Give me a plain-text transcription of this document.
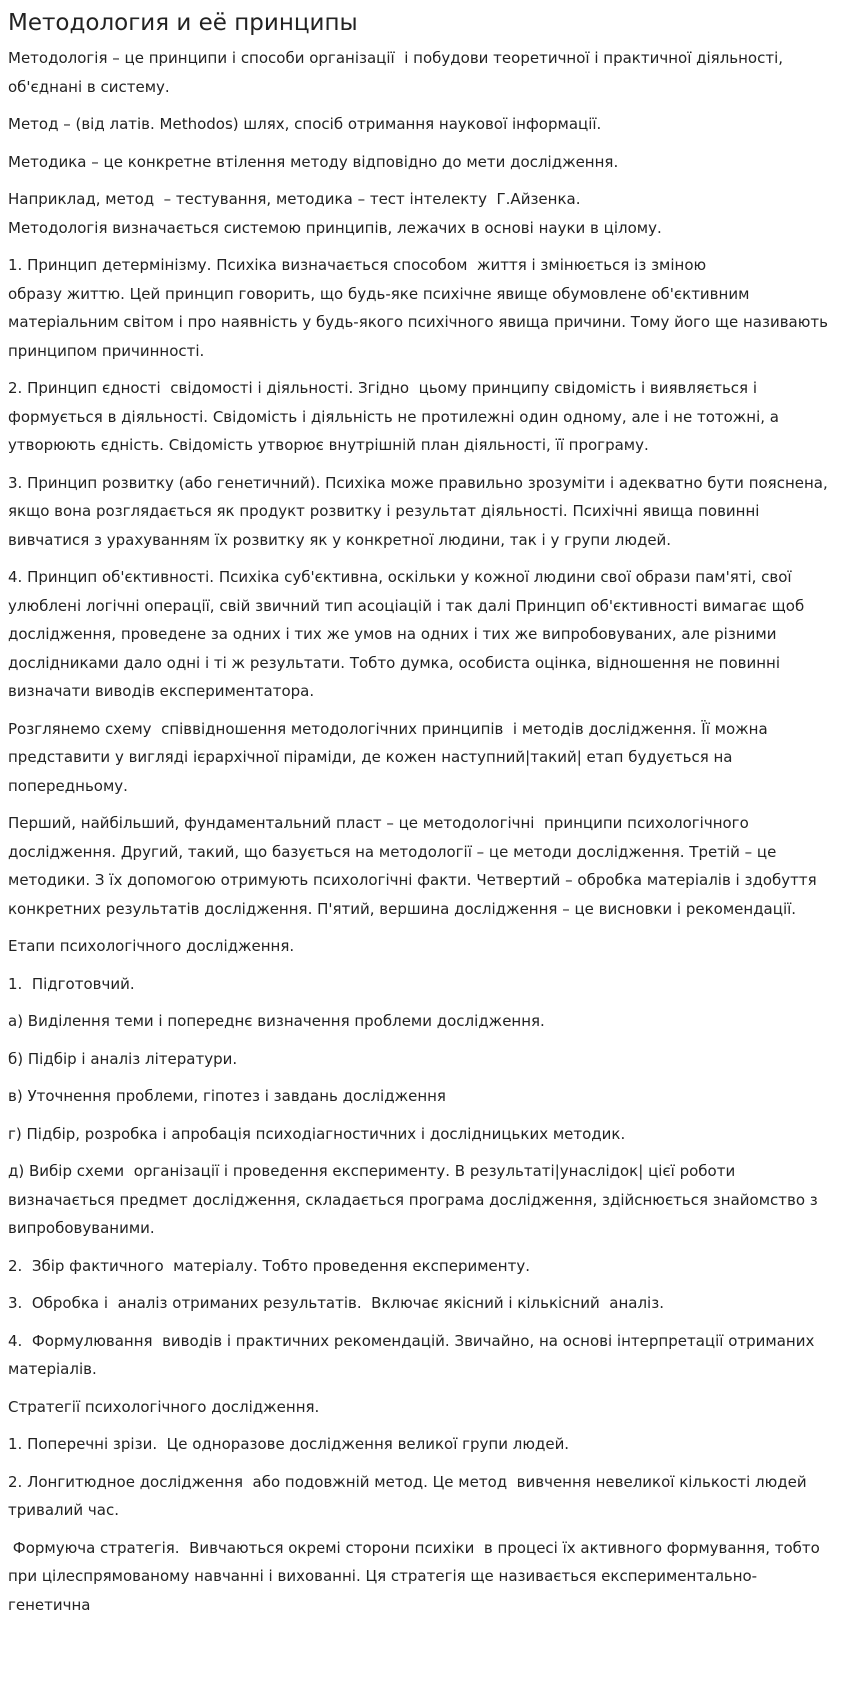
Методология и её принципы

Методологія – це принципи і способи організації  і побудови теоретичної і практичної діяльності, об'єднані в систему.

Метод – (від латів. Methodos) шлях, спосіб отримання наукової інформації.

Методика – це конкретне втілення методу відповідно до мети дослідження.

Наприклад, метод  – тестування, методика – тест інтелекту  Г.Айзенка.
Методологія визначається системою принципів, лежачих в основі науки в цілому.

1. Принцип детермінізму. Психіка визначається способом  життя і змінюється із зміною
образу життю. Цей принцип говорить, що будь-яке психічне явище обумовлене об'єктивним матеріальним світом і про наявність у будь-якого психічного явища причини. Тому його ще називають принципом причинності.

2. Принцип єдності  свідомості і діяльності. Згідно  цьому принципу свідомість і виявляється і формується в діяльності. Свідомість і діяльність не протилежні один одному, але і не тотожні, а утворюють єдність. Свідомість утворює внутрішній план діяльності, її програму.

3. Принцип розвитку (або генетичний). Психіка може правильно зрозуміти і адекватно бути пояснена, якщо вона розглядається як продукт розвитку і результат діяльності. Психічні явища повинні вивчатися з урахуванням їх розвитку як у конкретної людини, так і у групи людей.

4. Принцип об'єктивності. Психіка суб'єктивна, оскільки у кожної людини свої образи пам'яті, свої улюблені логічні операції, свій звичний тип асоціацій і так далі Принцип об'єктивності вимагає щоб дослідження, проведене за одних і тих же умов на одних і тих же випробовуваних, але різними дослідниками дало одні і ті ж результати. Тобто думка, особиста оцінка, відношення не повинні визначати виводів експериментатора.

Розглянемо схему  співвідношення методологічних принципів  і методів дослідження. Її можна представити у вигляді ієрархічної піраміди, де кожен наступний|такий| етап будується на попередньому.

Перший, найбільший, фундаментальний пласт – це методологічні  принципи психологічного дослідження. Другий, такий, що базується на методології – це методи дослідження. Третій – це методики. З їх допомогою отримують психологічні факти. Четвертий – обробка матеріалів і здобуття конкретних результатів дослідження. П'ятий, вершина дослідження – це висновки і рекомендації.

Етапи психологічного дослідження.

1.  Підготовчий.

а) Виділення теми і попереднє визначення проблеми дослідження.

б) Підбір і аналіз літератури.

в) Уточнення проблеми, гіпотез і завдань дослідження

г) Підбір, розробка і апробація психодіагностичних і дослідницьких методик.

д) Вибір схеми  організації і проведення експерименту. В результаті|унаслідок| цієї роботи визначається предмет дослідження, складається програма дослідження, здійснюється знайомство з випробовуваними.

2.  Збір фактичного  матеріалу. Тобто проведення експерименту.

3.  Обробка і  аналіз отриманих результатів.  Включає якісний і кількісний  аналіз.

4.  Формулювання  виводів і практичних рекомендацій. Звичайно, на основі інтерпретації отриманих матеріалів.

Стратегії психологічного дослідження.

1. Поперечні зрізи.  Це одноразове дослідження великої групи людей.

2. Лонгитюдное дослідження  або подовжній метод. Це метод  вивчення невеликої кількості людей тривалий час.

Формуюча стратегія.  Вивчаються окремі сторони психіки  в процесі їх активного формування, тобто при цілеспрямованому навчанні і вихованні. Ця стратегія ще називається експериментально-генетична
